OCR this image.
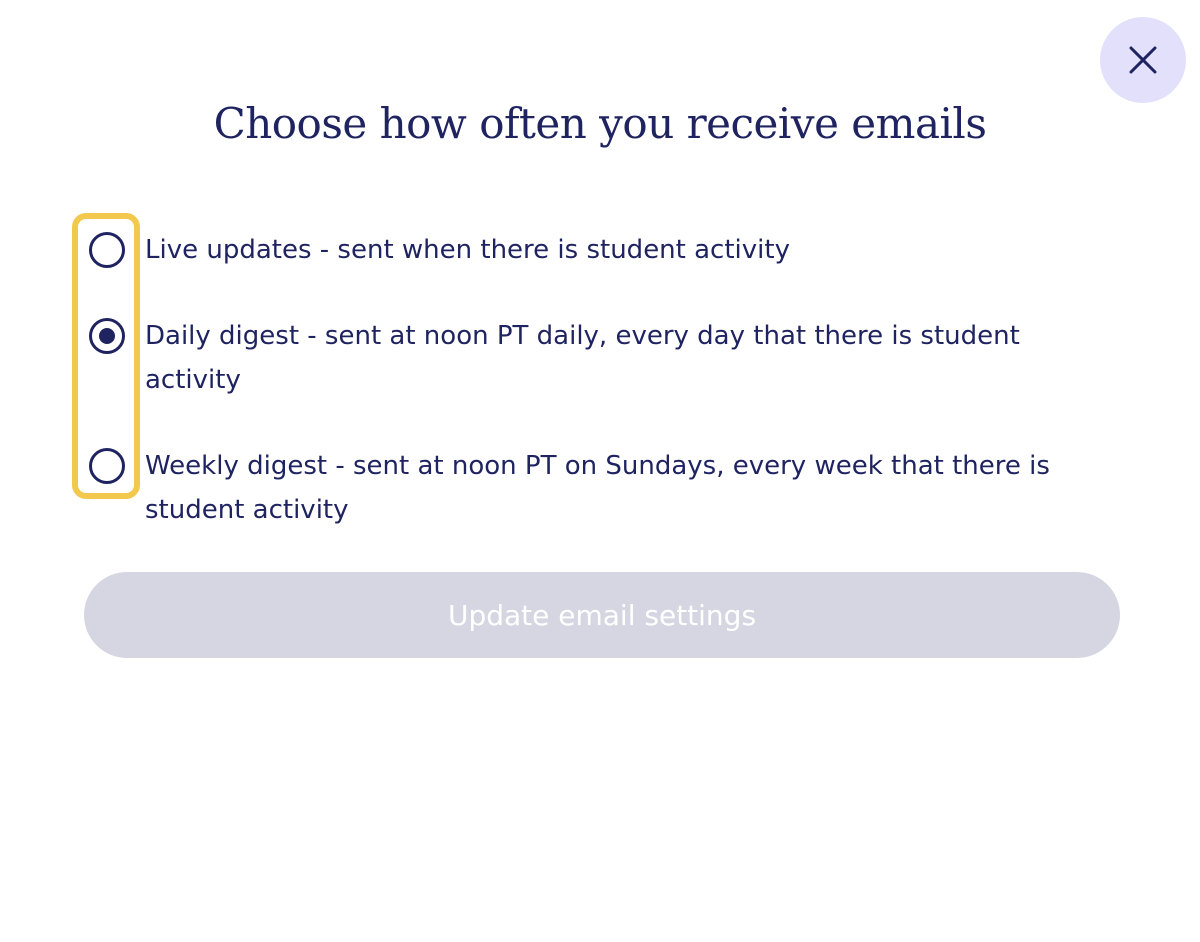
Choose how often you receive emails
Live updates - sent when there is student activity
Daily digest - sent at noon PT daily, every day that there is student activity
Weekly digest - sent at noon PT on Sundays, every week that there is student activity
Update email settings
